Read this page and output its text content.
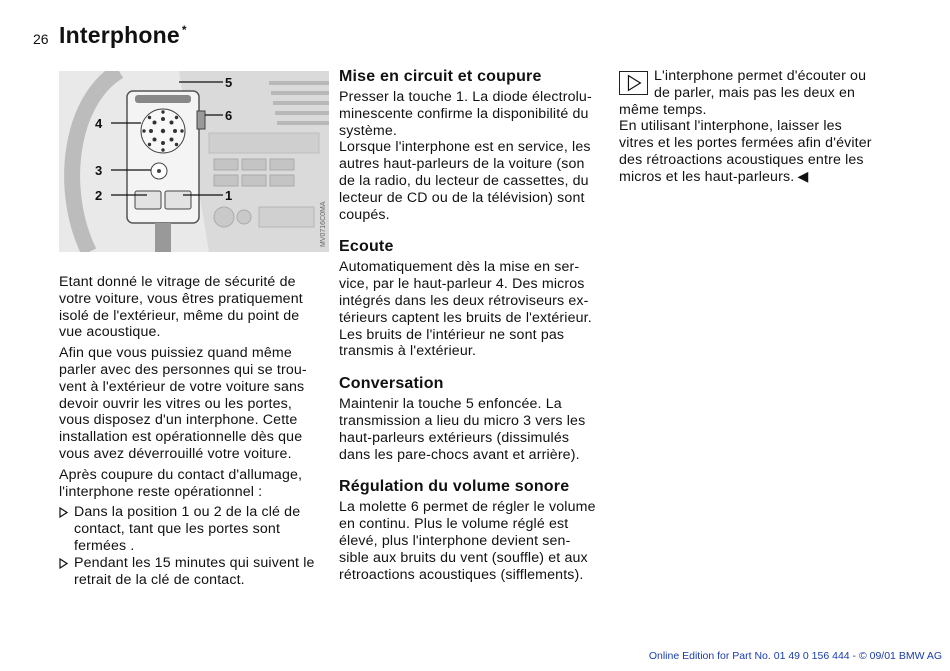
26 Interphone *
5
6
4
3
2	1
MV0716C0MA

Etant donné le vitrage de sécurité de
votre voiture, vous êtres pratiquement
isolé de l'extérieur, même du point de
vue acoustique.

Afin que vous puissiez quand même
parler avec des personnes qui se trou-
vent à l'extérieur de votre voiture sans
devoir ouvrir les vitres ou les portes,
vous disposez d'un interphone. Cette
installation est opérationnelle dès que
vous avez déverrouillé votre voiture.

Après coupure du contact d'allumage,
l'interphone reste opérationnel :

Dans la position 1 ou 2 de la clé de
contact, tant que les portes sont
fermées .

Pendant les 15 minutes qui suivent le
retrait de la clé de contact.

Mise en circuit et coupure

Presser la touche 1. La diode électrolu-
minescente confirme la disponibilité du
système.
Lorsque l'interphone est en service, les
autres haut-parleurs de la voiture (son
de la radio, du lecteur de cassettes, du
lecteur de CD ou de la télévision) sont
coupés.

Ecoute

Automatiquement dès la mise en ser-
vice, par le haut-parleur 4. Des micros
intégrés dans les deux rétroviseurs ex-
térieurs captent les bruits de l'extérieur.
Les bruits de l'intérieur ne sont pas
transmis à l'extérieur.

Conversation

Maintenir la touche 5 enfoncée. La
transmission a lieu du micro 3 vers les
haut-parleurs extérieurs (dissimulés
dans les pare-chocs avant et arrière).

Régulation du volume sonore

La molette 6 permet de régler le volume
en continu. Plus le volume réglé est
élevé, plus l'interphone devient sen-
sible aux bruits du vent (souffle) et aux
rétroactions acoustiques (sifflements).

L'interphone permet d'écouter ou
de parler, mais pas les deux en
même temps.
En utilisant l'interphone, laisser les
vitres et les portes fermées afin d'éviter
des rétroactions acoustiques entre les
micros et les haut-parleurs. ◀

Online Edition for Part No. 01 49 0 156 444 - © 09/01 BMW AG
